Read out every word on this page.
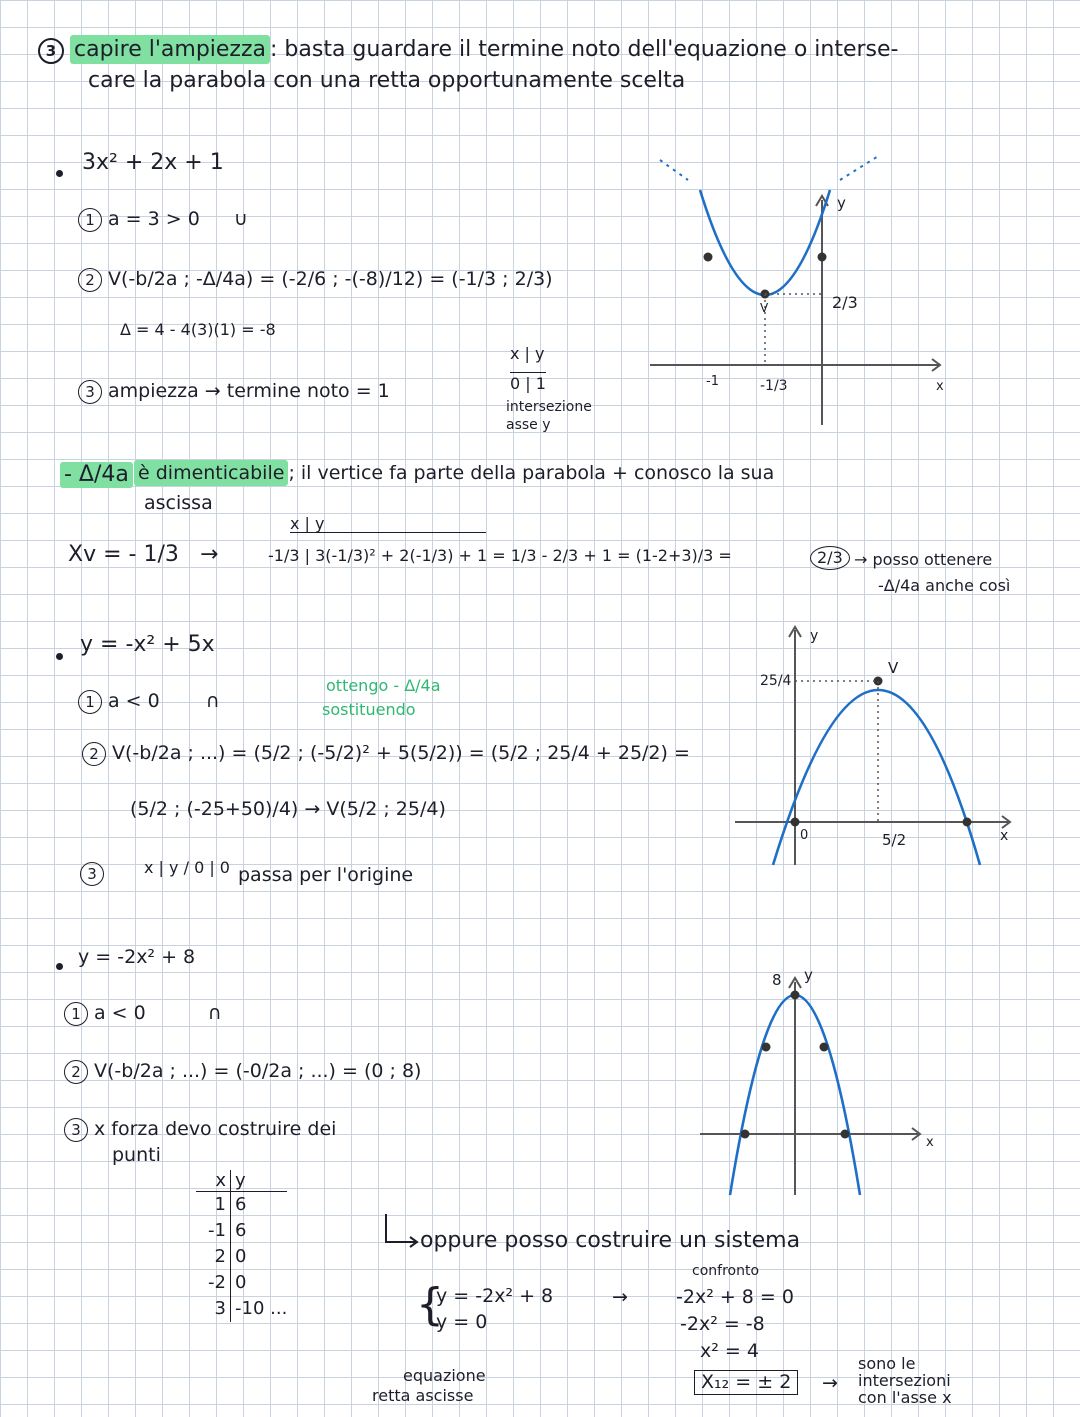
3 capire l'ampiezza : basta guardare il termine noto dell'equazione o interse-
care la parabola con una retta opportunamente scelta
3x² + 2x + 1
1 a = 3 > 0 ∪
2 V(-b/2a ; -Δ/4a) = (-2/6 ; -(-8)/12) = (-1/3 ; 2/3)
Δ = 4 - 4(3)(1) = -8
3 ampiezza → termine noto = 1
x | y
0 | 1
intersezione
asse y
2/3
V
y
x
-1	-1/3
- Δ/4a è dimenticabile ; il vertice fa parte della parabola + conosco la sua
ascissa
Xv = - 1/3 →
x | y
-1/3 | 3(-1/3)² + 2(-1/3) + 1 = 1/3 - 2/3 + 1 = (1-2+3)/3 =	2/3 → posso ottenere
-Δ/4a anche così
y = -x² + 5x
1 a < 0 ∩
ottengo - Δ/4a
sostituendo
2 V(-b/2a ; ...) = (5/2 ; (-5/2)² + 5(5/2)) = (5/2 ; 25/4 + 25/2) =
(5/2 ; (-25+50)/4) → V(5/2 ; 25/4)
3	x | y / 0 | 0 passa per l'origine
25/4
V
y
x
0	5/2
y = -2x² + 8
1 a < 0	∩
2 V(-b/2a ; ...) = (-0/2a ; ...) = (0 ; 8)
3 x forza devo costruire dei
punti
x y
1 6
-1 6
2 0
-2 0
3 -10 ...
8 y
x
oppure posso costruire un sistema
{
y = -2x² + 8
y = 0
equazione
retta ascisse
→
confronto
-2x² + 8 = 0
-2x² = -8
x² = 4
X₁₂ = ± 2	→
sono le
intersezioni
con l'asse x
